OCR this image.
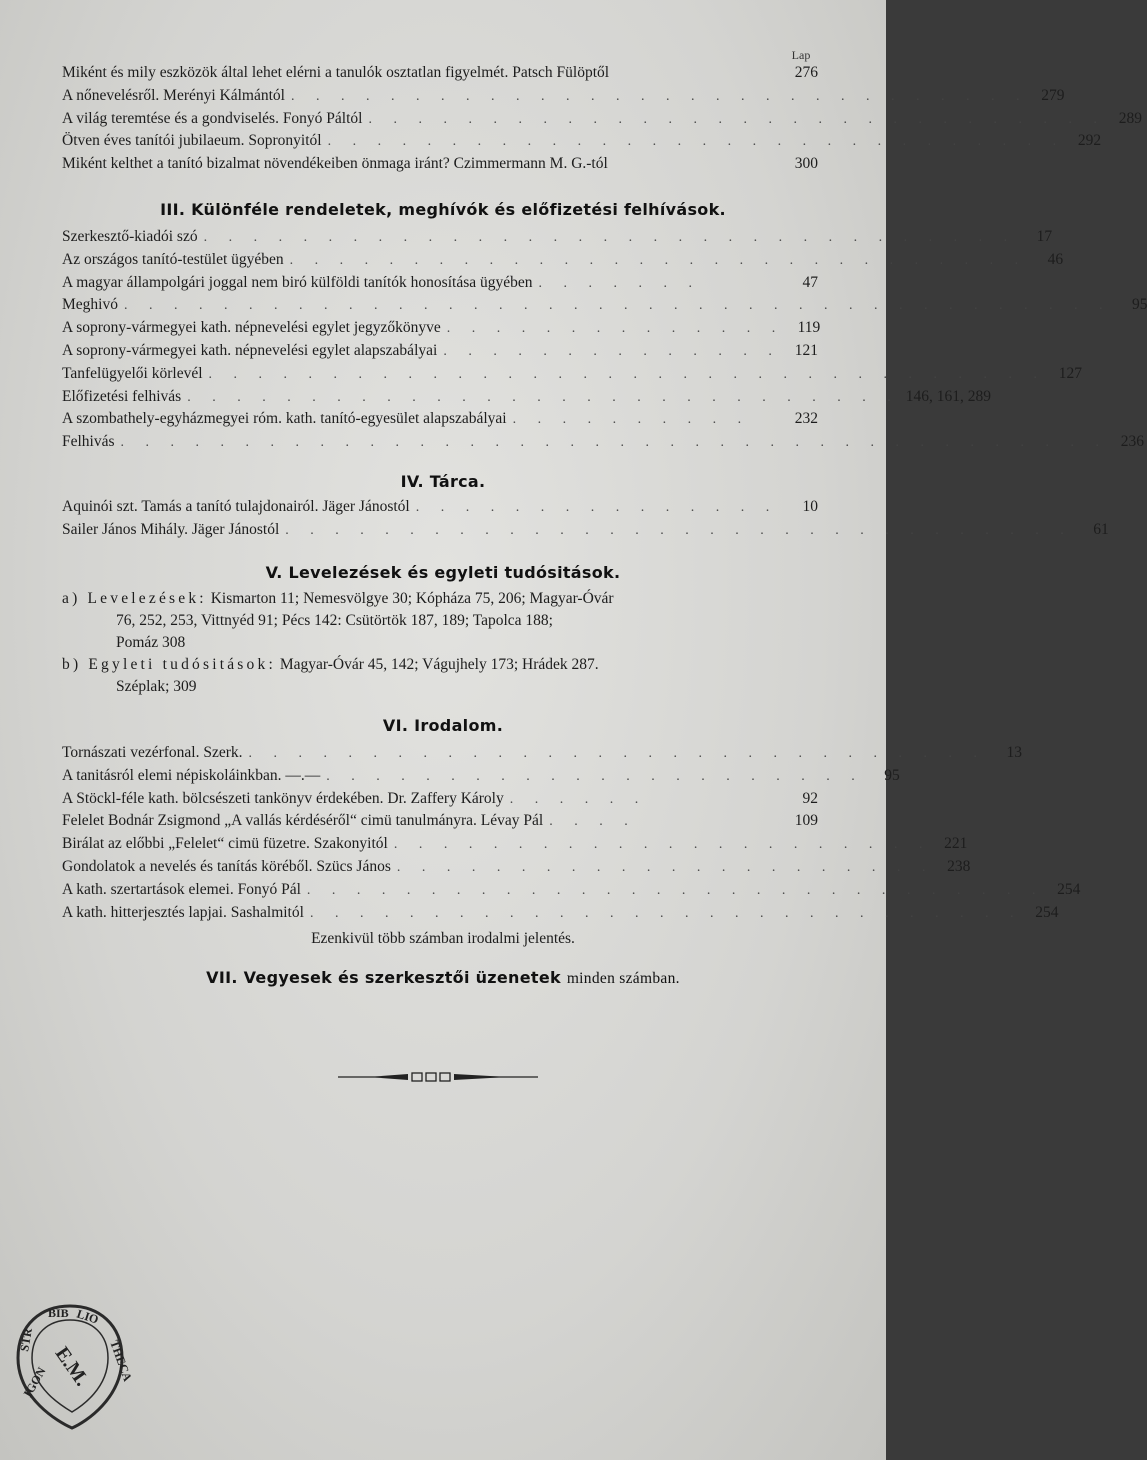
Lap
Miként és mily eszközök által lehet elérni a tanulók osztatlan figyelmét. Patsch Fülöptől	276
A nőnevelésről. Merényi Kálmántól . . . . . . . . . . . . . . . . . . . . . . . . . . . . . . 279
A világ teremtése és a gondviselés. Fonyó Páltól . . . . . . . . . . . . . . . . . . . . . . . . . . . . . . 289
Ötven éves tanítói jubilaeum. Sopronyitól . . . . . . . . . . . . . . . . . . . . . . . . . . . . . . 292
Miként kelthet a tanító bizalmat növendékeiben önmaga iránt? Czimmermann M. G.-tól	300
III. Különféle rendeletek, meghívók és előfizetési felhívások.
Szerkesztő-kiadói szó . . . . . . . . . . . . . . . . . . . . . . . . . . . . . . . . .	17
Az országos tanító-testület ügyében . . . . . . . . . . . . . . . . . . . . . . . . . . . . . .	46
A magyar állampolgári joggal nem biró külföldi tanítók honosítása ügyében . . . . . . .	47
Meghivó . . . . . . . . . . . . . . . . . . . . . . . . . . . . . . . . . . . . . . . .	95
A soprony-vármegyei kath. népnevelési egylet jegyzőkönyve . . . . . . . . . . . . . . 119
A soprony-vármegyei kath. népnevelési egylet alapszabályai . . . . . . . . . . . . . . 121
Tanfelügyelői körlevél . . . . . . . . . . . . . . . . . . . . . . . . . . . . . . . . . . 127
Előfizetési felhivás . . . . . . . . . . . . . . . . . . . . . . . . . . . . . 146, 161, 289
A szombathely-egyházmegyei róm. kath. tanító-egyesület alapszabályai . . . . . . . . . .	232
Felhivás . . . . . . . . . . . . . . . . . . . . . . . . . . . . . . . . . . . . . . . . 236
IV. Tárca.
Aquinói szt. Tamás a tanító tulajdonairól. Jäger Jánostól . . . . . . . . . . . . . . .	10
Sailer János Mihály. Jäger Jánostól . . . . . . . . . . . . . . . . . . . . . . . . . . . . . . . .	61
V. Levelezések és egyleti tudósitások.
a) Levelezések: Kismarton 11; Nemesvölgye 30; Kópháza 75, 206; Magyar-Óvár
76, 252, 253, Vittnyéd 91; Pécs 142: Csütörtök 187, 189; Tapolca 188;
Pomáz 308
b) Egyleti tudósitások: Magyar-Óvár 45, 142; Vágujhely 173; Hrádek 287.
Széplak; 309
VI. Irodalom.
Tornászati vezérfonal. Szerk. . . . . . . . . . . . . . . . . . . . . . . . . . . . . . .	13
A tanitásról elemi népiskoláinkban. —.— . . . . . . . . . . . . . . . . . . . . . .	95
A Stöckl-féle kath. bölcsészeti tankönyv érdekében. Dr. Zaffery Károly . . . . . .	92
Felelet Bodnár Zsigmond „A vallás kérdéséről“ cimü tanulmányra. Lévay Pál . . . .	109
Birálat az előbbi „Felelet“ cimü füzetre. Szakonyitól . . . . . . . . . . . . . . . . . . . . . . 221
Gondolatok a nevelés és tanítás köréből. Szücs János . . . . . . . . . . . . . . . . . . . . . . 238
A kath. szertartások elemei. Fonyó Pál . . . . . . . . . . . . . . . . . . . . . . . . . . . . . . 254
A kath. hitterjesztés lapjai. Sashalmitól . . . . . . . . . . . . . . . . . . . . . . . . . . . . . 254
Ezenkivül több számban irodalmi jelentés.
VII. Vegyesek és szerkesztői üzenetek minden számban.
BIB LIO
THECA
STR
IGON E.M.
